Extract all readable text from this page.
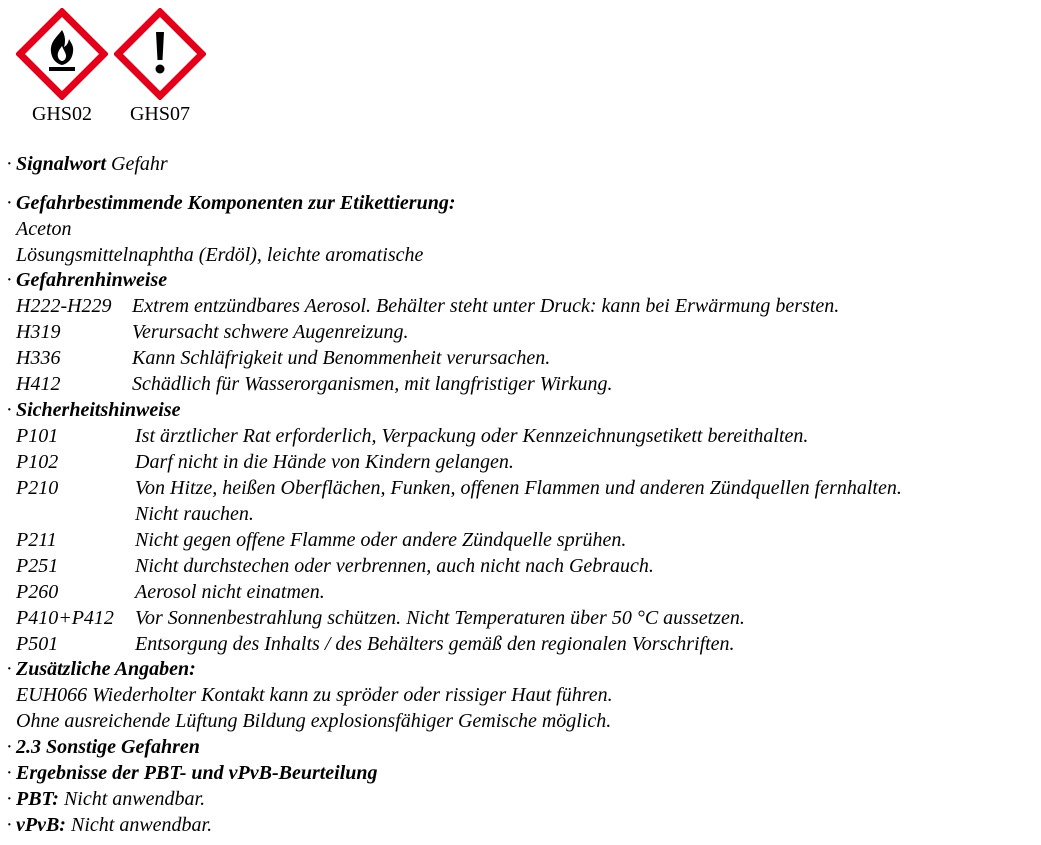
GHS02	GHS07
· Signalwort Gefahr
· Gefahrbestimmende Komponenten zur Etikettierung:
Aceton
Lösungsmittelnaphtha (Erdöl), leichte aromatische
· Gefahrenhinweise
H222-H229 Extrem entzündbares Aerosol. Behälter steht unter Druck: kann bei Erwärmung bersten.
H319	Verursacht schwere Augenreizung.
H336	Kann Schläfrigkeit und Benommenheit verursachen.
H412	Schädlich für Wasserorganismen, mit langfristiger Wirkung.
· Sicherheitshinweise
P101	Ist ärztlicher Rat erforderlich, Verpackung oder Kennzeichnungsetikett bereithalten.
P102	Darf nicht in die Hände von Kindern gelangen.
P210	Von Hitze, heißen Oberflächen, Funken, offenen Flammen und anderen Zündquellen fernhalten.
Nicht rauchen.
P211	Nicht gegen offene Flamme oder andere Zündquelle sprühen.
P251	Nicht durchstechen oder verbrennen, auch nicht nach Gebrauch.
P260	Aerosol nicht einatmen.
P410+P412 Vor Sonnenbestrahlung schützen. Nicht Temperaturen über 50 °C aussetzen.
P501	Entsorgung des Inhalts / des Behälters gemäß den regionalen Vorschriften.
· Zusätzliche Angaben:
EUH066 Wiederholter Kontakt kann zu spröder oder rissiger Haut führen.
Ohne ausreichende Lüftung Bildung explosionsfähiger Gemische möglich.
· 2.3 Sonstige Gefahren
· Ergebnisse der PBT- und vPvB-Beurteilung
· PBT: Nicht anwendbar.
· vPvB: Nicht anwendbar.
